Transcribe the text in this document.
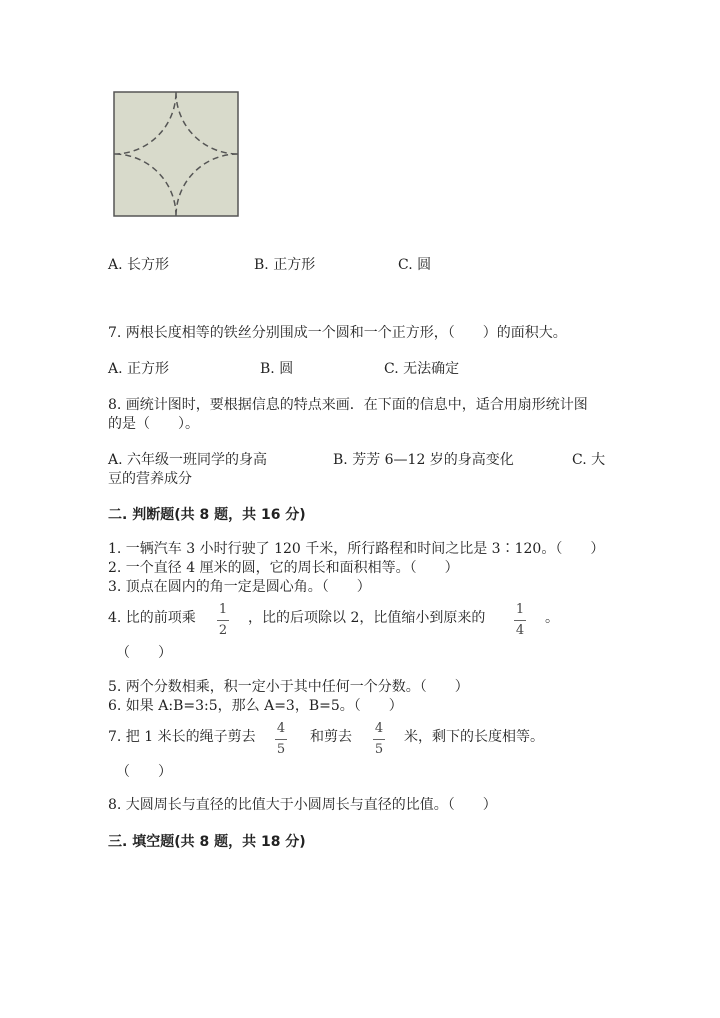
A. 长方形	B. 正方形	C. 圆
7. 两根长度相等的铁丝分别围成一个圆和一个正方形，（　　）的面积大。
A. 正方形	B. 圆	C. 无法确定
8. 画统计图时，要根据信息的特点来画．在下面的信息中，适合用扇形统计图
的是（　　）。
A. 六年级一班同学的身高	B. 芳芳 6—12 岁的身高变化	C. 大
豆的营养成分
二. 判断题(共 8 题，共 16 分)
1. 一辆汽车 3 小时行驶了 120 千米，所行路程和时间之比是 3∶120。（　　）
2. 一个直径 4 厘米的圆，它的周长和面积相等。（　　）
3. 顶点在圆内的角一定是圆心角。（　　）
4. 比的前项乘
1
2
，比的后项除以 2，比值缩小到原来的
1
4
。
（　　）
5. 两个分数相乘，积一定小于其中任何一个分数。（　　）
6. 如果 A:B=3:5，那么 A=3，B=5。（　　）
7. 把 1 米长的绳子剪去
4
5
和剪去
4
5
米，剩下的长度相等。
（　　）
8. 大圆周长与直径的比值大于小圆周长与直径的比值。（　　）
三. 填空题(共 8 题，共 18 分)
